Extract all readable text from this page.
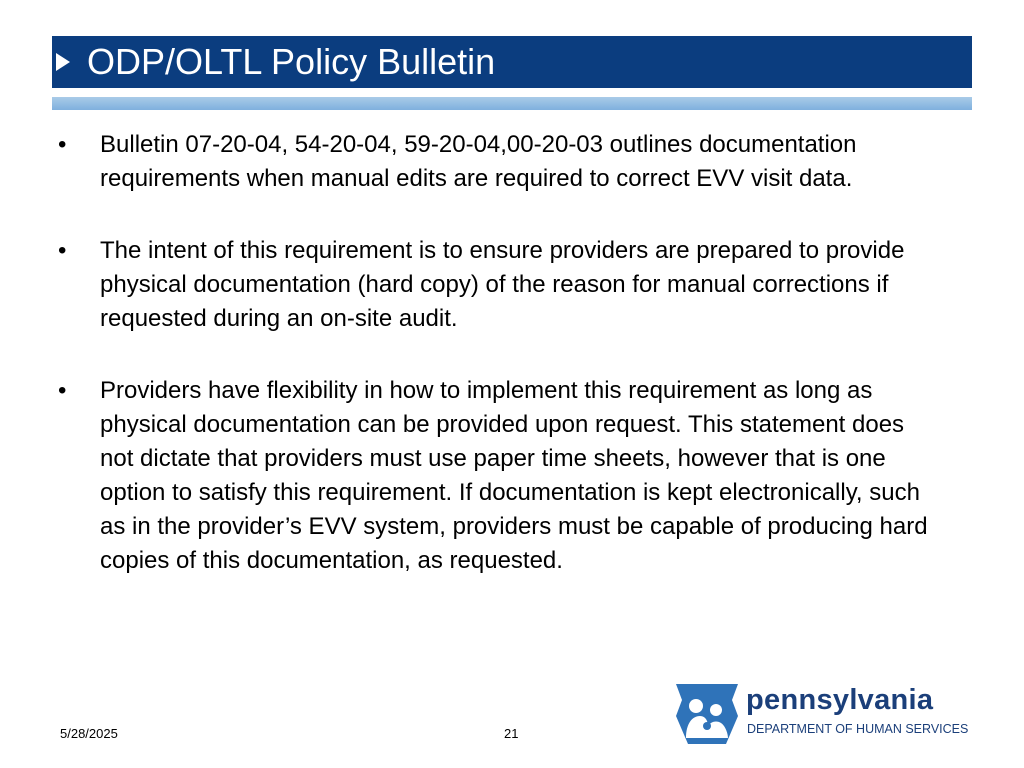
ODP/OLTL Policy Bulletin
• Bulletin 07-20-04, 54-20-04, 59-20-04,00-20-03 outlines documentation requirements when manual edits are required to correct EVV visit data.
• The intent of this requirement is to ensure providers are prepared to provide physical documentation (hard copy) of the reason for manual corrections if requested during an on-site audit.
• Providers have flexibility in how to implement this requirement as long as physical documentation can be provided upon request. This statement does not dictate that providers must use paper time sheets, however that is one option to satisfy this requirement. If documentation is kept electronically, such as in the provider’s EVV system, providers must be capable of producing hard copies of this documentation, as requested.
5/28/2025	21
pennsylvania
DEPARTMENT OF HUMAN SERVICES
